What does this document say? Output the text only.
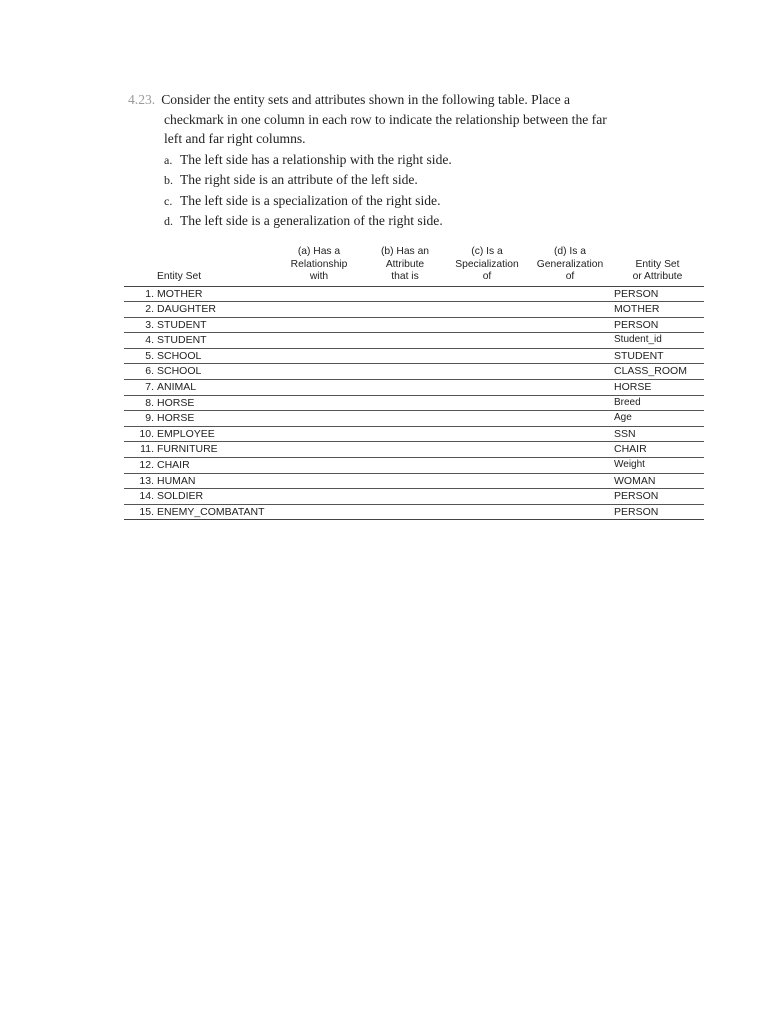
4.23. Consider the entity sets and attributes shown in the following table. Place a checkmark in one column in each row to indicate the relationship between the far left and far right columns.
a. The left side has a relationship with the right side.
b. The right side is an attribute of the left side.
c. The left side is a specialization of the right side.
d. The left side is a generalization of the right side.
	Entity Set	(a) Has a
Relationship
with	(b) Has an
Attribute
that is	(c) Is a
Specialization
of	(d) Is a
Generalization
of	Entity Set
or Attribute

1.	MOTHER					PERSON
2.	DAUGHTER					MOTHER
3.	STUDENT					PERSON
4.	STUDENT					Student_id
5.	SCHOOL					STUDENT
6.	SCHOOL					CLASS_ROOM
7.	ANIMAL					HORSE
8.	HORSE					Breed
9.	HORSE					Age
10.	EMPLOYEE					SSN
11.	FURNITURE					CHAIR
12.	CHAIR					Weight
13.	HUMAN					WOMAN
14.	SOLDIER					PERSON
15.	ENEMY_COMBATANT					PERSON
